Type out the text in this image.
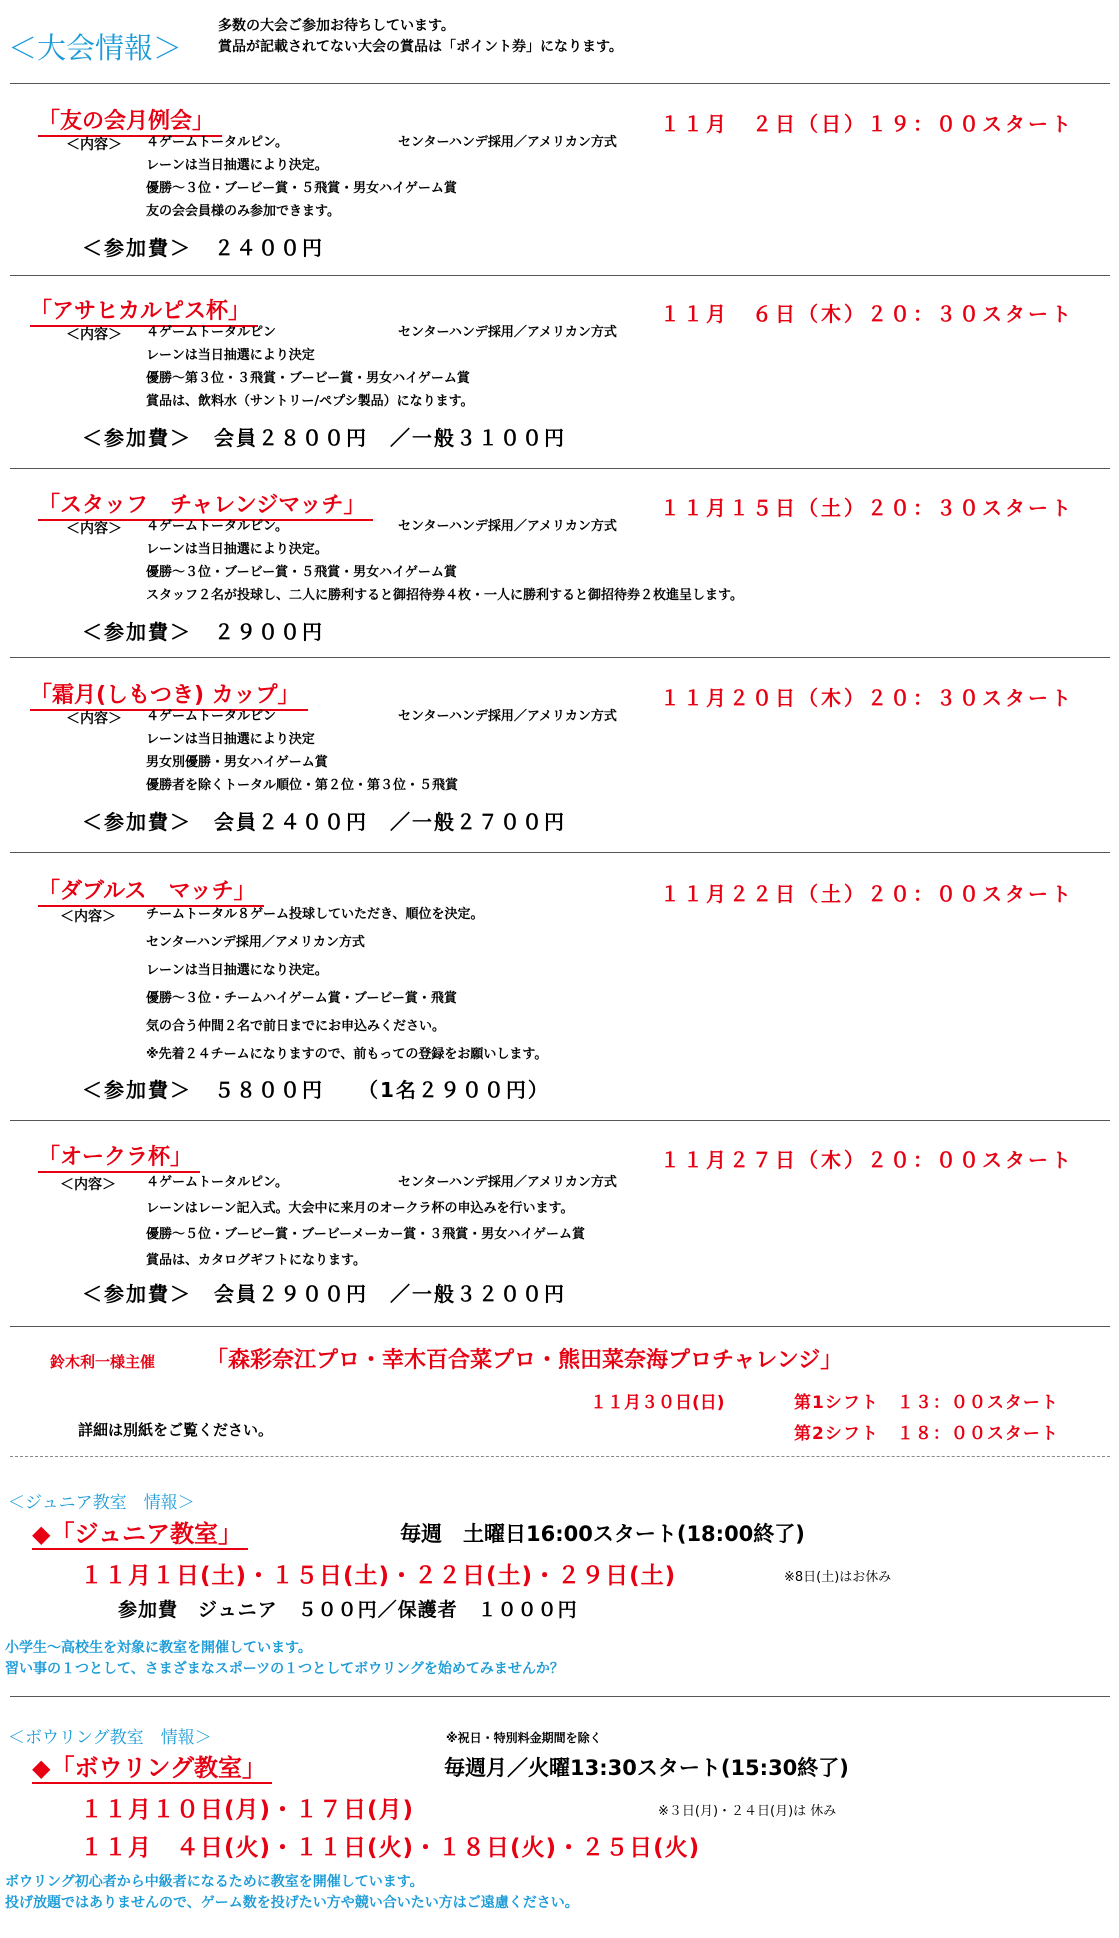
＜大会情報＞
多数の大会ご参加お待ちしています。
賞品が記載されてない大会の賞品は「ポイント券」になります。
「友の会月例会」	１１月　２日（日）１９：００スタート
＜内容＞ ４ゲームトータルピン。
レーンは当日抽選により決定。
優勝～３位・ブービー賞・５飛賞・男女ハイゲーム賞
友の会会員様のみ参加できます。
センターハンデ採用／アメリカン方式
＜参加費＞　２４００円
「アサヒカルピス杯」	１１月　６日（木）２０：３０スタート
＜内容＞ ４ゲームトータルピン
レーンは当日抽選により決定
優勝～第３位・３飛賞・ブービー賞・男女ハイゲーム賞
賞品は、飲料水（サントリー/ペプシ製品）になります。
センターハンデ採用／アメリカン方式
＜参加費＞　会員２８００円　／一般３１００円
「スタッフ　チャレンジマッチ」	１１月１５日（土）２０：３０スタート
＜内容＞ ４ゲームトータルピン。
レーンは当日抽選により決定。
優勝～３位・ブービー賞・５飛賞・男女ハイゲーム賞
スタッフ２名が投球し、二人に勝利すると御招待券４枚・一人に勝利すると御招待券２枚進呈します。
センターハンデ採用／アメリカン方式
＜参加費＞　２９００円
「霜月(しもつき) カップ」	１１月２０日（木）２０：３０スタート
＜内容＞ ４ゲームトータルピン
レーンは当日抽選により決定
男女別優勝・男女ハイゲーム賞
優勝者を除くトータル順位・第２位・第３位・５飛賞
センターハンデ採用／アメリカン方式
＜参加費＞　会員２４００円　／一般２７００円
「ダブルス　マッチ」	１１月２２日（土）２０：００スタート
＜内容＞ チームトータル８ゲーム投球していただき、順位を決定。
センターハンデ採用／アメリカン方式
レーンは当日抽選になり決定。
優勝～３位・チームハイゲーム賞・ブービー賞・飛賞
気の合う仲間２名で前日までにお申込みください。
※先着２４チームになりますので、前もっての登録をお願いします。
＜参加費＞　５８００円　　（1名２９００円）
「オークラ杯」	１１月２７日（木）２０：００スタート
＜内容＞ ４ゲームトータルピン。
レーンはレーン記入式。大会中に来月のオークラ杯の申込みを行います。
優勝～５位・ブービー賞・ブービーメーカー賞・３飛賞・男女ハイゲーム賞
賞品は、カタログギフトになります。
センターハンデ採用／アメリカン方式
＜参加費＞　会員２９００円　／一般３２００円
鈴木利一様主催 「森彩奈江プロ・幸木百合菜プロ・熊田菜奈海プロチャレンジ」
１１月３０日(日)	第1シフト　１３：００スタート
詳細は別紙をご覧ください。	第2シフト　１８：００スタート
＜ジュニア教室　情報＞
◆「ジュニア教室」	毎週　土曜日16:00スタート(18:00終了)
１１月１日(土)・１５日(土)・２２日(土)・２９日(土)	※8日(土)はお休み
参加費　ジュニア　５００円／保護者　１０００円
小学生～高校生を対象に教室を開催しています。
習い事の１つとして、さまざまなスポーツの１つとしてボウリングを始めてみませんか？
＜ボウリング教室　情報＞	※祝日・特別料金期間を除く
◆「ボウリング教室」	毎週月／火曜13:30スタート(15:30終了)
１１月１０日(月)・１７日(月)	※３日(月)・２４日(月)は 休み
１１月　４日(火)・１１日(火)・１８日(火)・２５日(火)
ボウリング初心者から中級者になるために教室を開催しています。
投げ放題ではありませんので、ゲーム数を投げたい方や競い合いたい方はご遠慮ください。
